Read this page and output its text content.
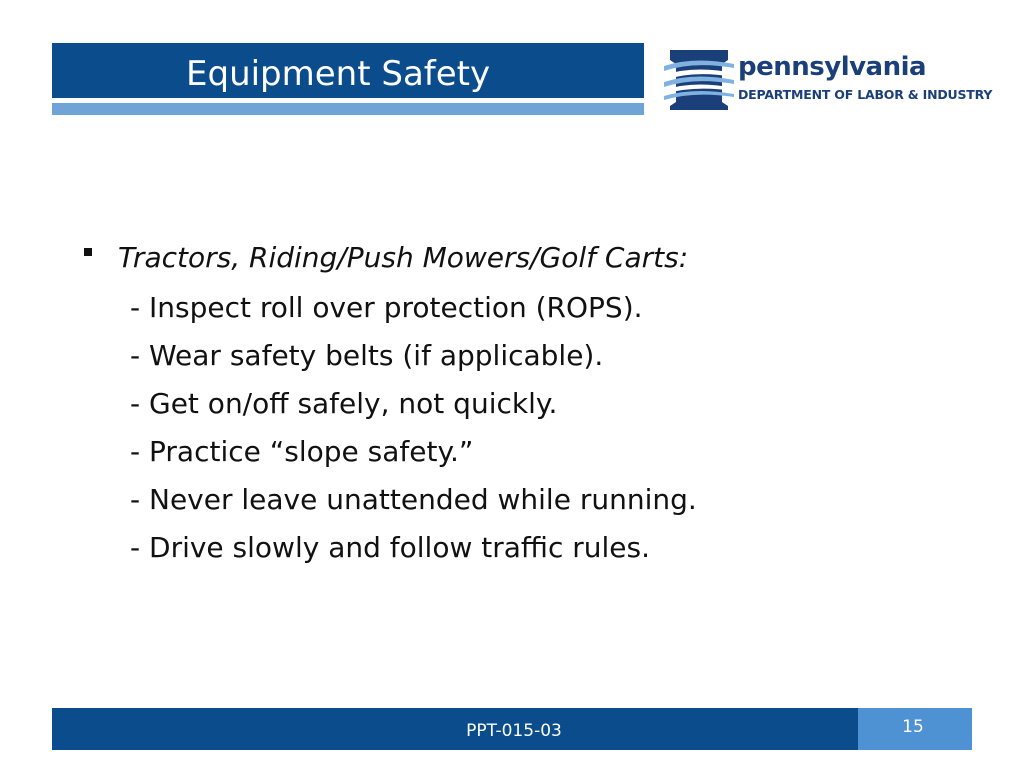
Equipment Safety	pennsylvania
DEPARTMENT OF LABOR & INDUSTRY
Tractors, Riding/Push Mowers/Golf Carts:
- Inspect roll over protection (ROPS).
- Wear safety belts (if applicable).
- Get on/off safely, not quickly.
- Practice “slope safety.”
- Never leave unattended while running.
- Drive slowly and follow traffic rules.
PPT-015-03	15
